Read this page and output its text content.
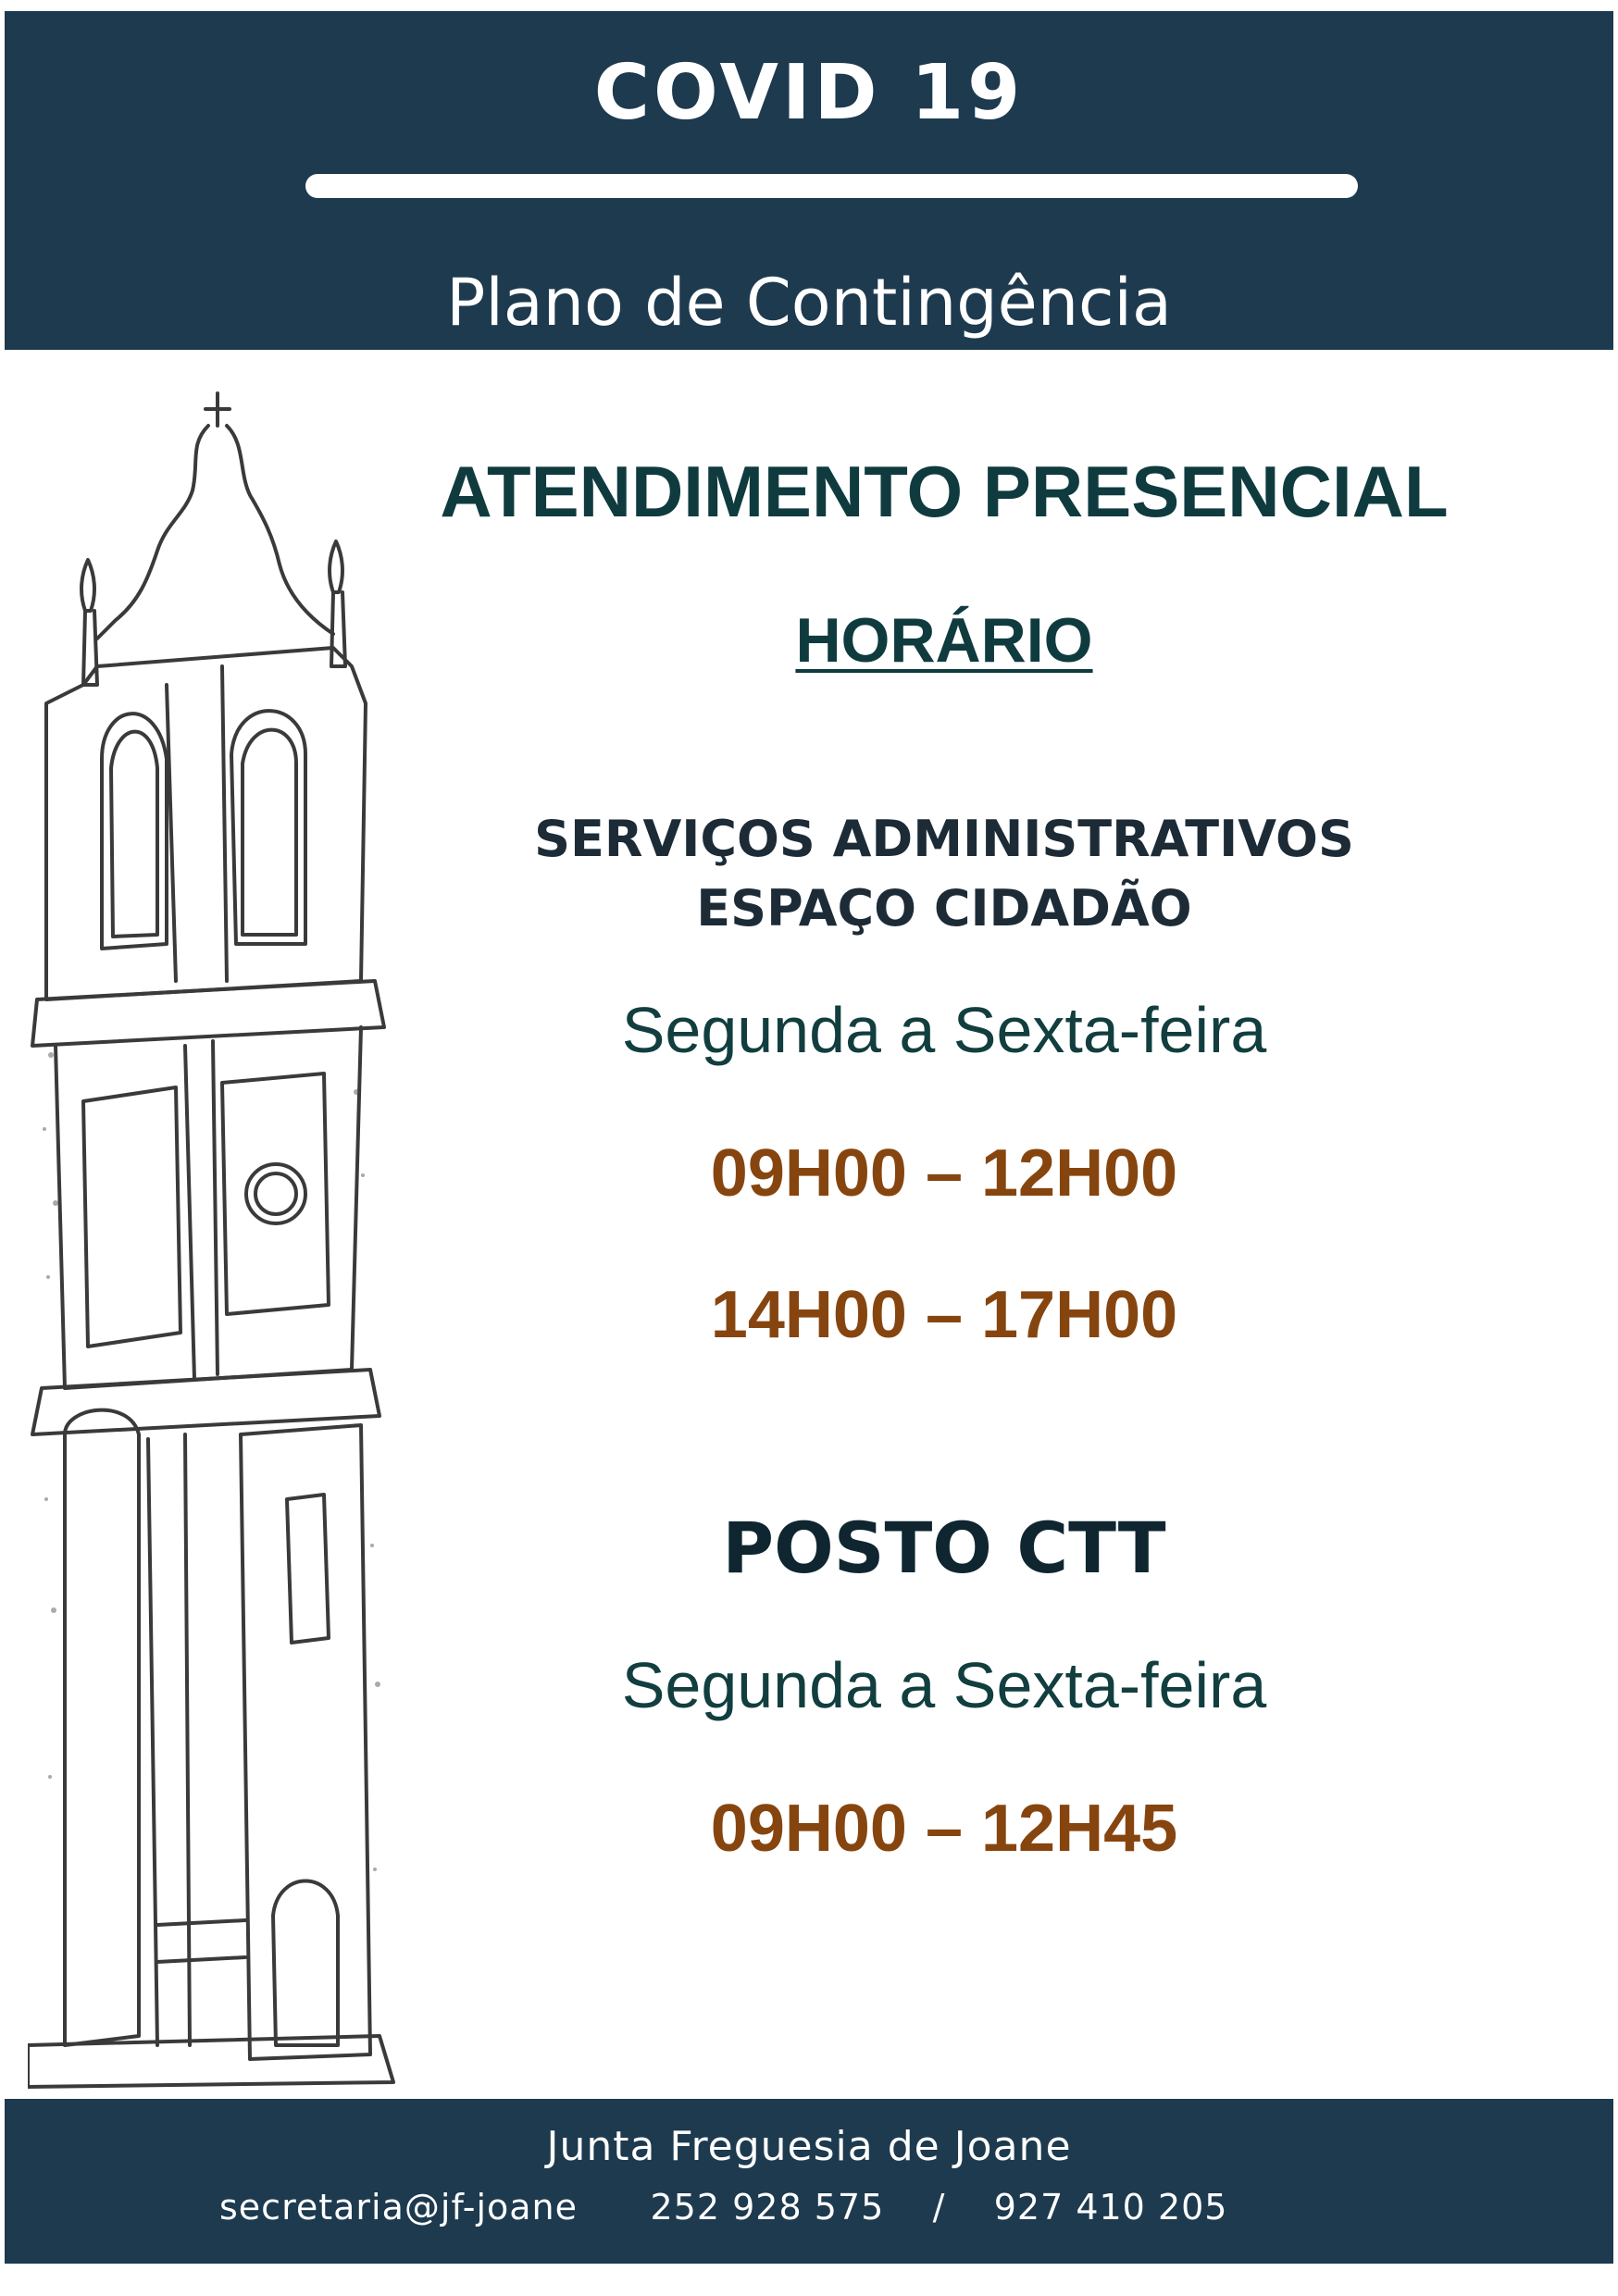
COVID 19
Plano de Contingência
ATENDIMENTO PRESENCIAL
HORÁRIO
SERVIÇOS ADMINISTRATIVOS
ESPAÇO CIDADÃO
Segunda a Sexta-feira
09H00 – 12H00
14H00 – 17H00
POSTO CTT
Segunda a Sexta-feira
09H00 – 12H45
Junta Freguesia de Joane
secretaria@jf-joane 252 928 575 / 927 410 205
